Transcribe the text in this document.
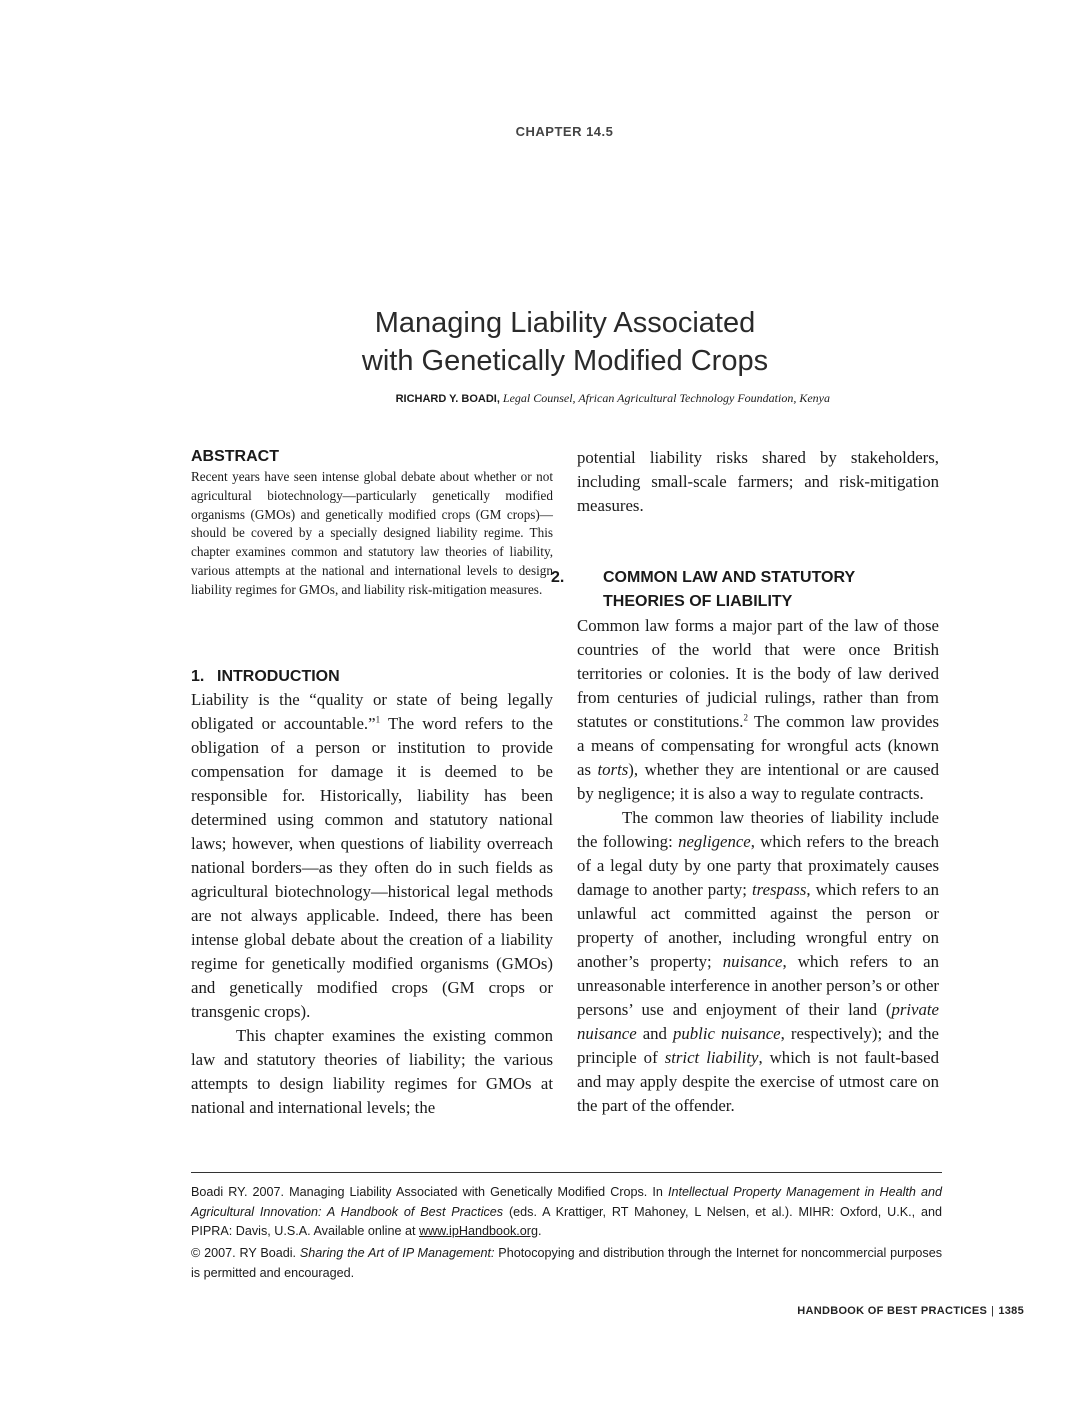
CHAPTER 14.5
Managing Liability Associated
with Genetically Modified Crops
RICHARD Y. BOADI, Legal Counsel, African Agricultural Technology Foundation, Kenya
ABSTRACT

Recent years have seen intense global debate about whether or not agricultural biotechnology—particularly genetically modified organisms (GMOs) and genetically modified crops (GM crops)—should be covered by a specially designed liability regime. This chapter examines common and statutory law theories of liability, various attempts at the national and international levels to design liability regimes for GMOs, and liability risk-mitigation measures.

1. INTRODUCTION

Liability is the “quality or state of being legally obligated or accountable.”$^1$ The word refers to the obligation of a person or institution to provide compensation for damage it is deemed to be responsible for. Historically, liability has been determined using common and statutory national laws; however, when questions of liability overreach national borders—as they often do in such fields as agricultural biotechnology—historical legal methods are not always applicable. Indeed, there has been intense global debate about the creation of a liability regime for genetically modified organisms (GMOs) and genetically modified crops (GM crops or transgenic crops).

This chapter examines the existing common law and statutory theories of liability; the various attempts to design liability regimes for GMOs at national and international levels; the

potential liability risks shared by stakeholders, including small-scale farmers; and risk-mitigation measures.

2. COMMON LAW AND STATUTORY THEORIES OF LIABILITY

Common law forms a major part of the law of those countries of the world that were once British territories or colonies. It is the body of law derived from centuries of judicial rulings, rather than from statutes or constitutions.$^2$ The common law provides a means of compensating for wrongful acts (known as torts), whether they are intentional or are caused by negligence; it is also a way to regulate contracts.

The common law theories of liability include the following: negligence, which refers to the breach of a legal duty by one party that proximately causes damage to another party; trespass, which refers to an unlawful act committed against the person or property of another, including wrongful entry on another’s property; nuisance, which refers to an unreasonable interference in another person’s or other persons’ use and enjoyment of their land (private nuisance and public nuisance, respectively); and the principle of strict liability, which is not fault-based and may apply despite the exercise of utmost care on the part of the offender.

Boadi RY. 2007. Managing Liability Associated with Genetically Modified Crops. In Intellectual Property Management in Health and Agricultural Innovation: A Handbook of Best Practices (eds. A Krattiger, RT Mahoney, L Nelsen, et al.). MIHR: Oxford, U.K., and PIPRA: Davis, U.S.A. Available online at www.ipHandbook.org.

© 2007. RY Boadi. Sharing the Art of IP Management: Photocopying and distribution through the Internet for noncommercial purposes is permitted and encouraged.

HANDBOOK OF BEST PRACTICES | 1385
